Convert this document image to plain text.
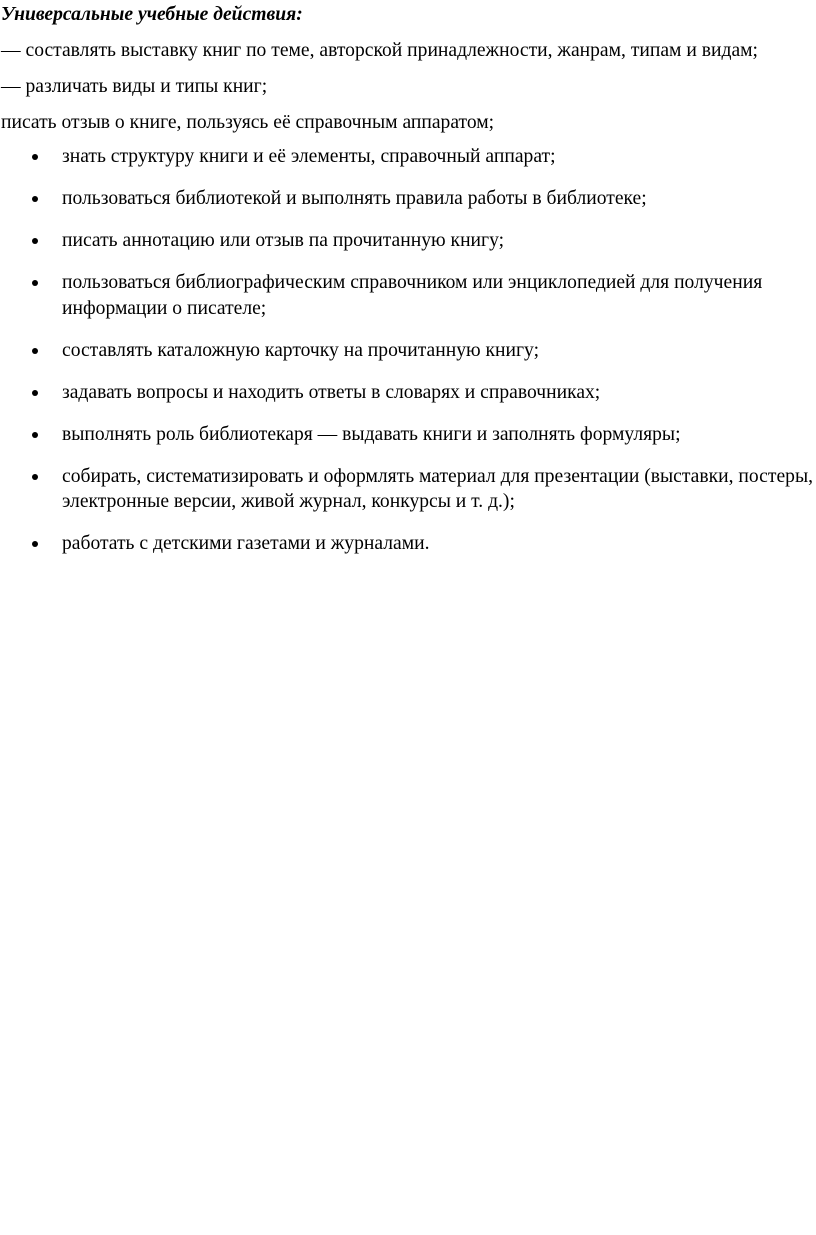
Универсальные учебные действия:
— составлять выставку книг по теме, авторской принадлежности, жанрам, типам и видам;
— различать виды и типы книг;
писать отзыв о книге, пользуясь её справочным аппаратом;
знать структуру книги и её элементы, справочный аппарат;
пользоваться библиотекой и выполнять правила работы в библиотеке;
писать аннотацию или отзыв па прочитанную книгу;
пользоваться библиографическим справочником или энциклопедией для получения информации о писателе;
составлять каталожную карточку на прочитанную книгу;
задавать вопросы и находить ответы в словарях и справочниках;
выполнять роль библиотекаря — выдавать книги и заполнять формуляры;
собирать, систематизировать и оформлять материал для презентации (выставки, постеры, электронные версии, живой журнал, конкурсы и т. д.);
работать с детскими газетами и журналами.
